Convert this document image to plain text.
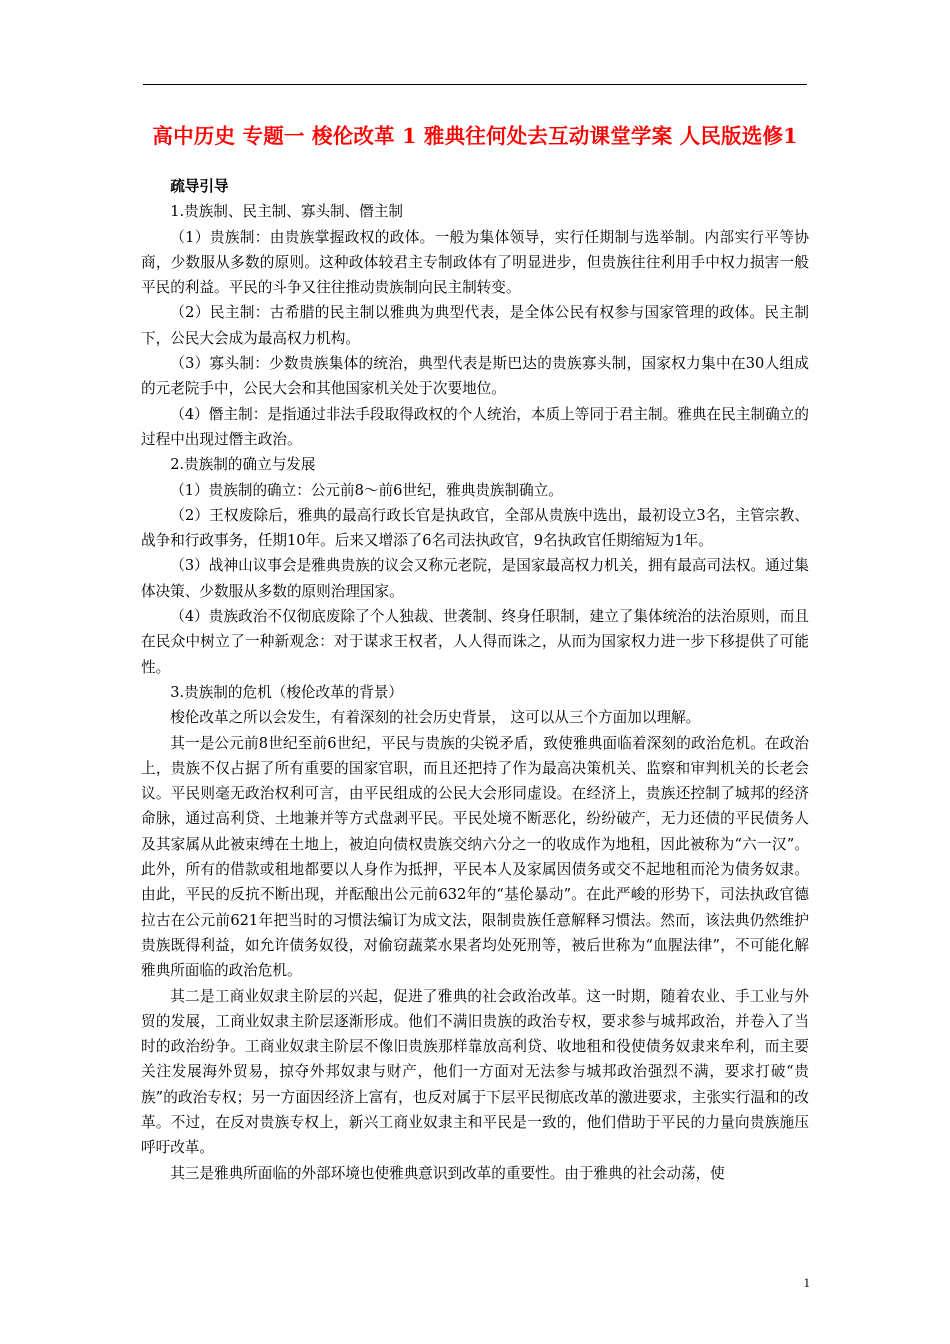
高中历史 专题一 梭伦改革 1 雅典往何处去互动课堂学案 人民版选修1

疏导引导

1.贵族制、民主制、寡头制、僭主制

（1）贵族制：由贵族掌握政权的政体。一般为集体领导，实行任期制与选举制。内部实行平等协商，少数服从多数的原则。这种政体较君主专制政体有了明显进步，但贵族往往利用手中权力损害一般平民的利益。平民的斗争又往往推动贵族制向民主制转变。

（2）民主制：古希腊的民主制以雅典为典型代表，是全体公民有权参与国家管理的政体。民主制下，公民大会成为最高权力机构。

（3）寡头制：少数贵族集体的统治，典型代表是斯巴达的贵族寡头制，国家权力集中在30人组成的元老院手中，公民大会和其他国家机关处于次要地位。

（4）僭主制：是指通过非法手段取得政权的个人统治，本质上等同于君主制。雅典在民主制确立的过程中出现过僭主政治。

2.贵族制的确立与发展

（1）贵族制的确立：公元前8～前6世纪，雅典贵族制确立。

（2）王权废除后，雅典的最高行政长官是执政官，全部从贵族中选出，最初设立3名，主管宗教、战争和行政事务，任期10年。后来又增添了6名司法执政官，9名执政官任期缩短为1年。

（3）战神山议事会是雅典贵族的议会又称元老院，是国家最高权力机关，拥有最高司法权。通过集体决策、少数服从多数的原则治理国家。

（4）贵族政治不仅彻底废除了个人独裁、世袭制、终身任职制，建立了集体统治的法治原则，而且在民众中树立了一种新观念：对于谋求王权者，人人得而诛之，从而为国家权力进一步下移提供了可能性。

3.贵族制的危机（梭伦改革的背景）

梭伦改革之所以会发生，有着深刻的社会历史背景， 这可以从三个方面加以理解。

其一是公元前8世纪至前6世纪，平民与贵族的尖锐矛盾，致使雅典面临着深刻的政治危机。在政治上，贵族不仅占据了所有重要的国家官职，而且还把持了作为最高决策机关、监察和审判机关的长老会议。平民则毫无政治权利可言，由平民组成的公民大会形同虚设。在经济上，贵族还控制了城邦的经济命脉，通过高利贷、土地兼并等方式盘剥平民。平民处境不断恶化，纷纷破产，无力还债的平民债务人及其家属从此被束缚在土地上，被迫向债权贵族交纳六分之一的收成作为地租，因此被称为“六一汉”。此外，所有的借款或租地都要以人身作为抵押，平民本人及家属因债务或交不起地租而沦为债务奴隶。由此，平民的反抗不断出现，并酝酿出公元前632年的“基伦暴动”。在此严峻的形势下，司法执政官德拉古在公元前621年把当时的习惯法编订为成文法，限制贵族任意解释习惯法。然而，该法典仍然维护贵族既得利益，如允许债务奴役，对偷窃蔬菜水果者均处死刑等，被后世称为“血腥法律”，不可能化解雅典所面临的政治危机。

其二是工商业奴隶主阶层的兴起，促进了雅典的社会政治改革。这一时期，随着农业、手工业与外贸的发展，工商业奴隶主阶层逐渐形成。他们不满旧贵族的政治专权，要求参与城邦政治，并卷入了当时的政治纷争。工商业奴隶主阶层不像旧贵族那样靠放高利贷、收地租和役使债务奴隶来牟利，而主要关注发展海外贸易，掠夺外邦奴隶与财产，他们一方面对无法参与城邦政治强烈不满，要求打破“贵族”的政治专权；另一方面因经济上富有，也反对属于下层平民彻底改革的激进要求，主张实行温和的改革。不过，在反对贵族专权上，新兴工商业奴隶主和平民是一致的，他们借助于平民的力量向贵族施压呼吁改革。

其三是雅典所面临的外部环境也使雅典意识到改革的重要性。由于雅典的社会动荡，使

1
